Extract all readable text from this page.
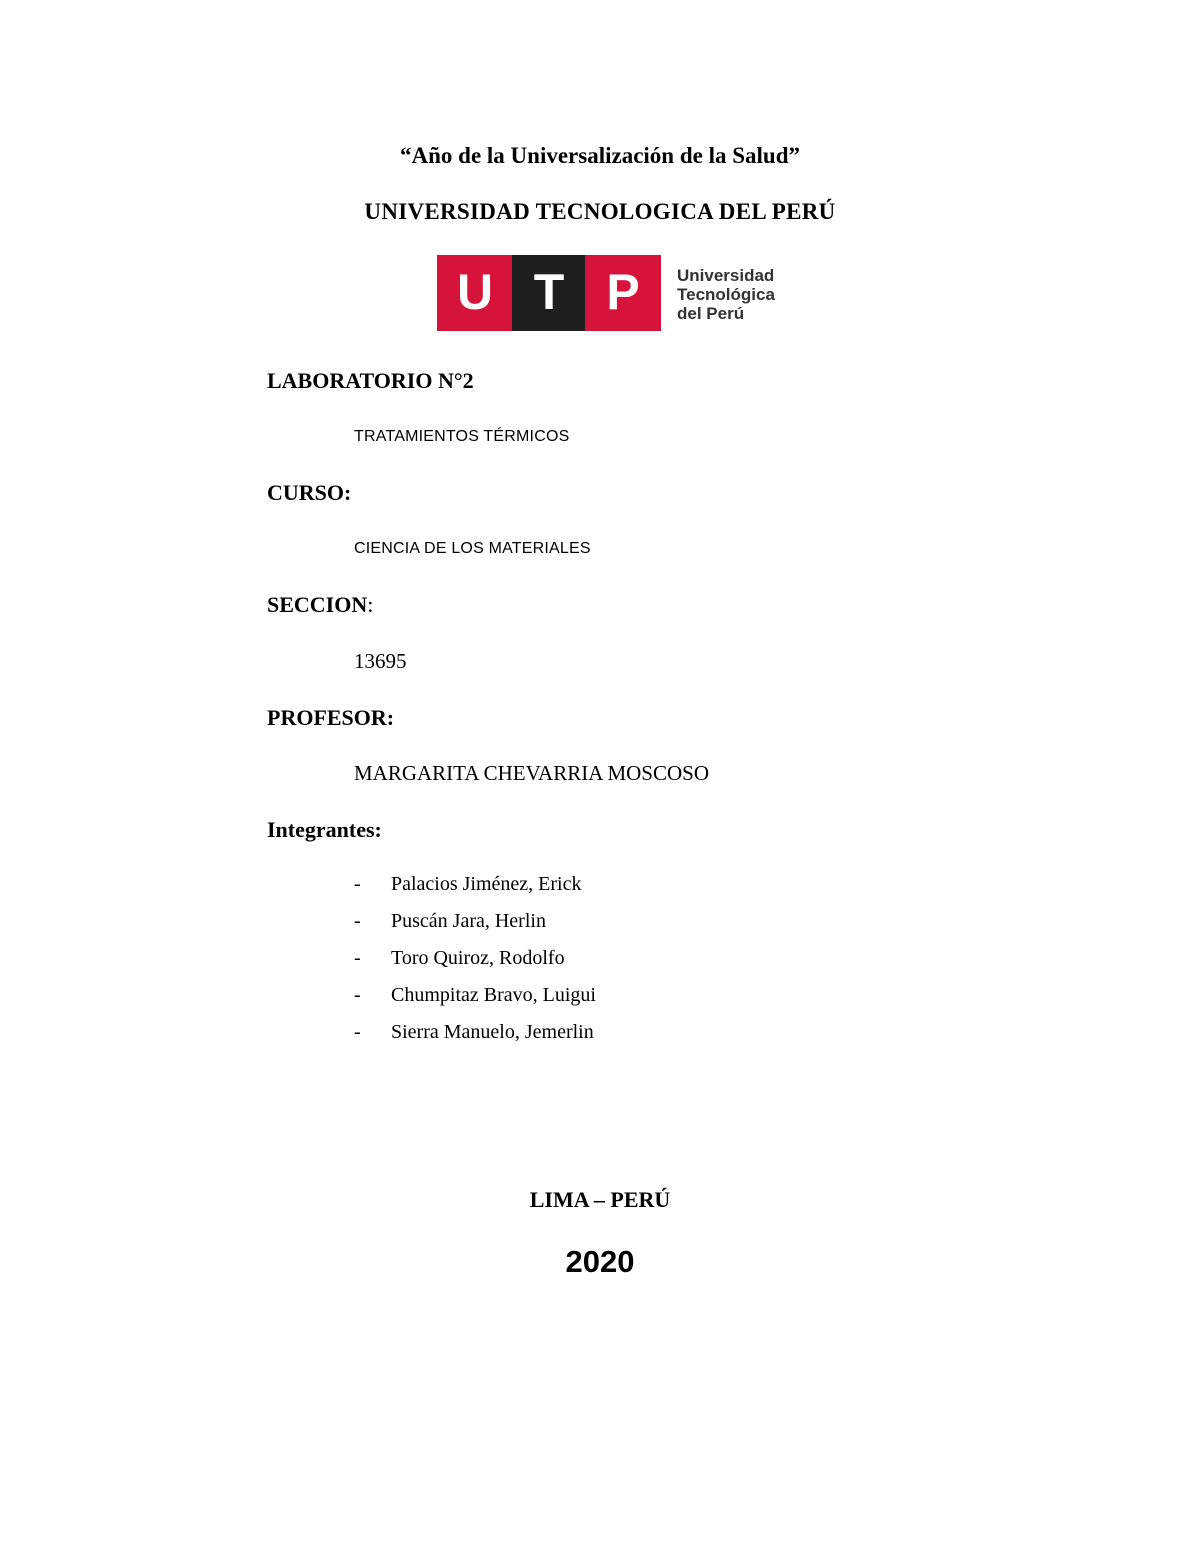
“Año de la Universalización de la Salud”
UNIVERSIDAD TECNOLOGICA DEL PERÚ
U T P Universidad
Tecnológica
del Perú
LABORATORIO N°2
TRATAMIENTOS TÉRMICOS
CURSO:
CIENCIA DE LOS MATERIALES
SECCION:
13695
PROFESOR:
MARGARITA CHEVARRIA MOSCOSO
Integrantes:
- Palacios Jiménez, Erick
- Puscán Jara, Herlin
- Toro Quiroz, Rodolfo
- Chumpitaz Bravo, Luigui
- Sierra Manuelo, Jemerlin
LIMA – PERÚ
2020
